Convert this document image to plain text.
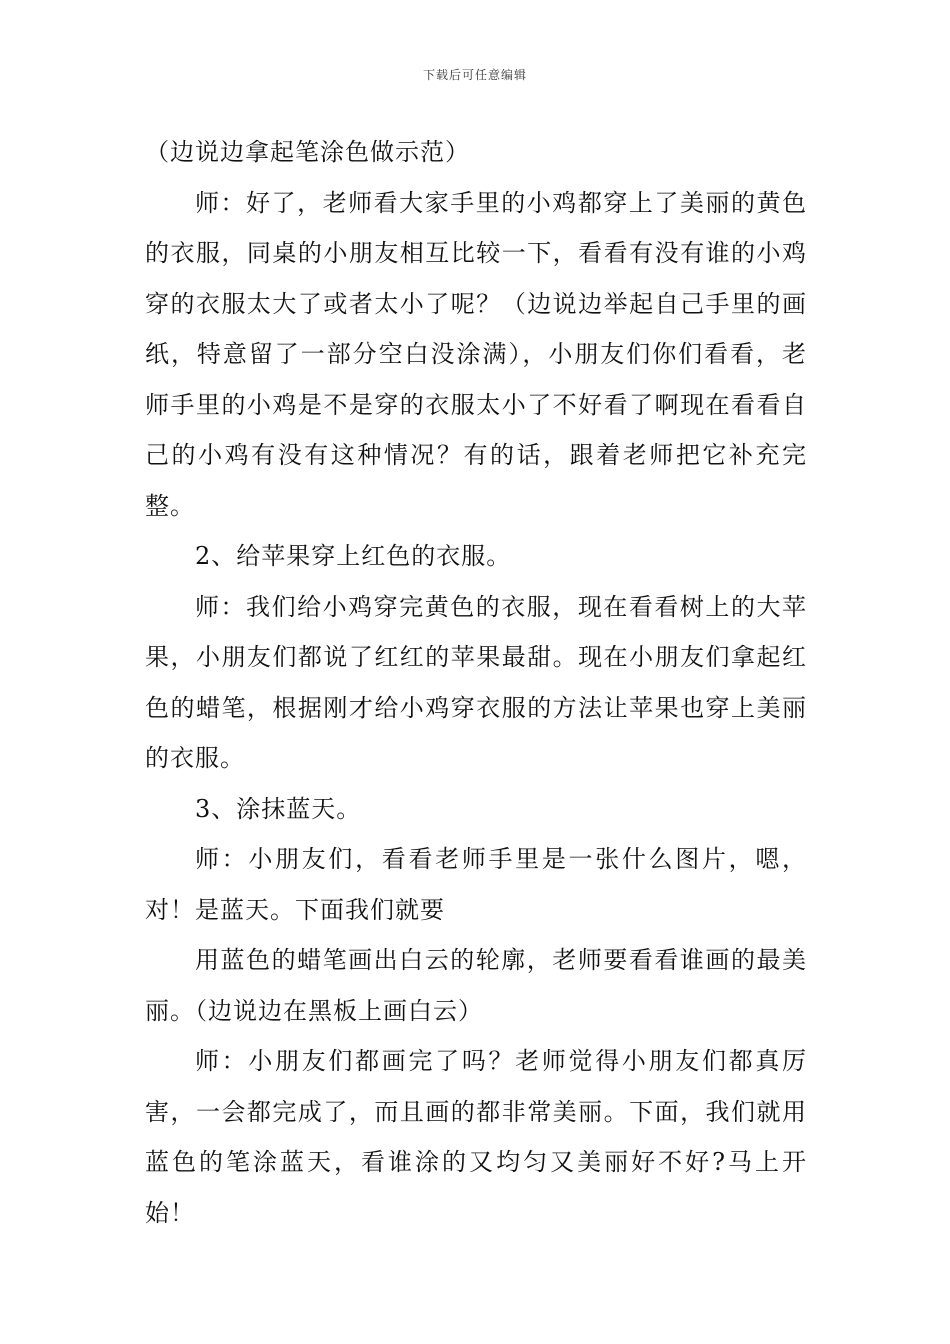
下载后可任意编辑

（边说边拿起笔涂色做示范）

师：好了，老师看大家手里的小鸡都穿上了美丽的黄色的衣服，同桌的小朋友相互比较一下，看看有没有谁的小鸡穿的衣服太大了或者太小了呢？（边说边举起自己手里的画纸，特意留了一部分空白没涂满），小朋友们你们看看，老师手里的小鸡是不是穿的衣服太小了不好看了啊现在看看自己的小鸡有没有这种情况？有的话，跟着老师把它补充完整。

2、给苹果穿上红色的衣服。

师：我们给小鸡穿完黄色的衣服，现在看看树上的大苹果，小朋友们都说了红红的苹果最甜。现在小朋友们拿起红色的蜡笔，根据刚才给小鸡穿衣服的方法让苹果也穿上美丽的衣服。

3、涂抹蓝天。

师：小朋友们，看看老师手里是一张什么图片，嗯，对！是蓝天。下面我们就要

用蓝色的蜡笔画出白云的轮廓，老师要看看谁画的最美丽。（边说边在黑板上画白云）

师：小朋友们都画完了吗？老师觉得小朋友们都真厉害，一会都完成了，而且画的都非常美丽。下面，我们就用蓝色的笔涂蓝天，看谁涂的又均匀又美丽好不好?马上开始！
